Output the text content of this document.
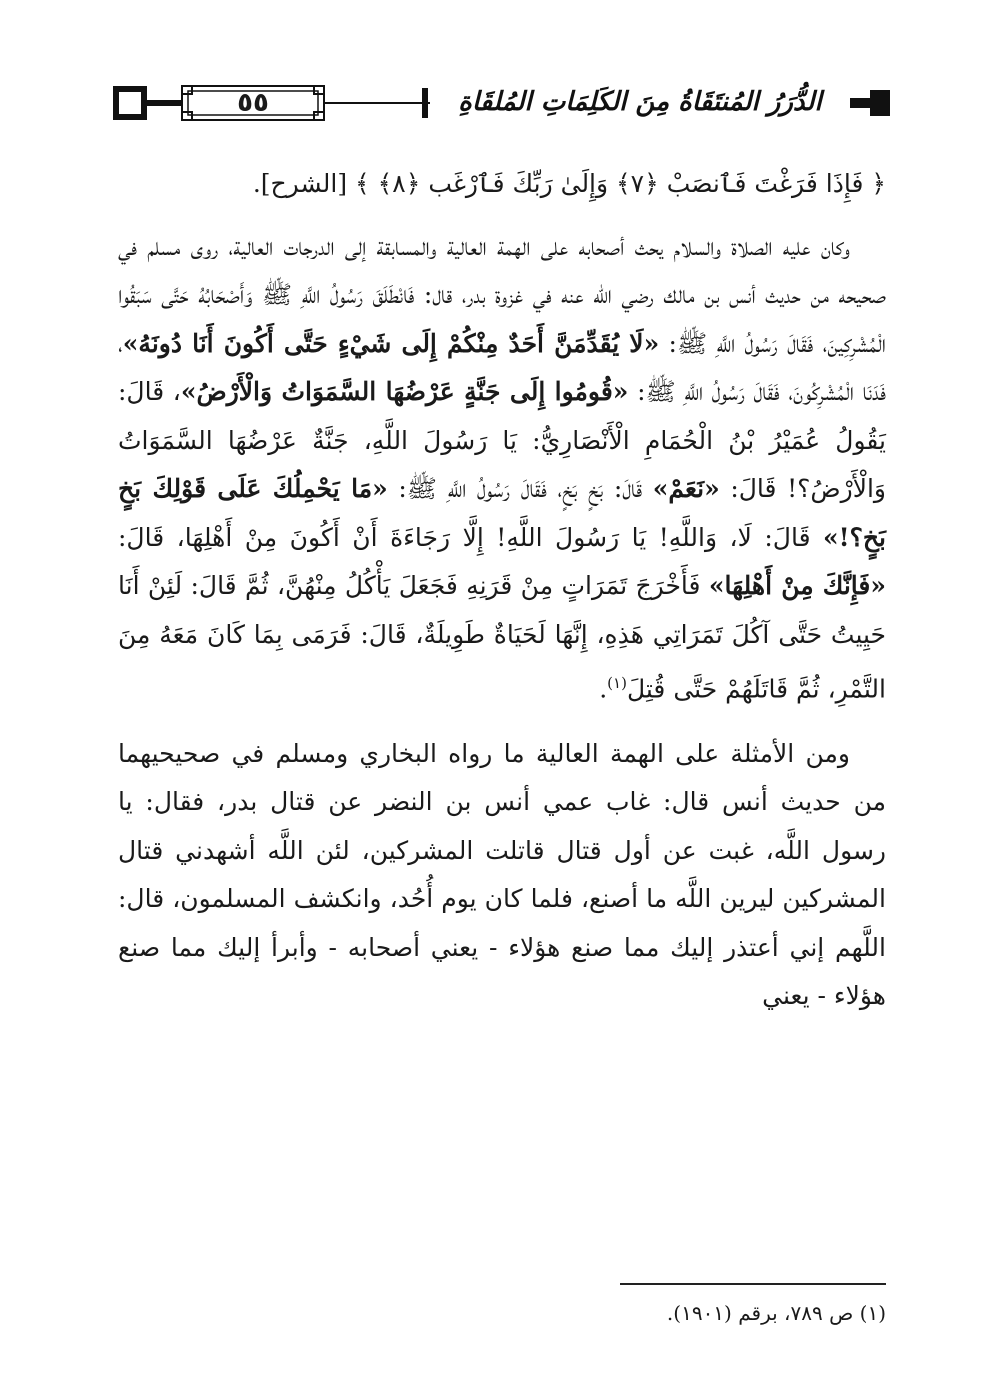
٥٥	الدُّرَرُ المُنتَقَاةُ مِنَ الكَلِمَاتِ المُلقَاةِ

﴿ فَإِذَا فَرَغْتَ فَٱنصَبْ ﴿٧﴾ وَإِلَىٰ رَبِّكَ فَٱرْغَب ﴿٨﴾ ﴾ [الشرح].

وكان عليه الصلاة والسلام يحث أصحابه على الهمة العالية والمسابقة إلى الدرجات العالية، روى مسلم في صحيحه من حديث أنس بن مالك رضي الله عنه في غزوة بدر، قال: فَانْطَلَقَ رَسُولُ اللَّهِ ﷺ وَأَصْحَابُهُ حَتَّى سَبَقُوا الْمُشْرِكِينَ، فَقَالَ رَسُولُ اللَّهِ ﷺ: «لَا يُقَدِّمَنَّ أَحَدٌ مِنْكُمْ إِلَى شَيْءٍ حَتَّى أَكُونَ أَنَا دُونَهُ»، فَدَنَا الْمُشْرِكُونَ، فَقَالَ رَسُولُ اللَّهِ ﷺ: «قُومُوا إِلَى جَنَّةٍ عَرْضُهَا السَّمَوَاتُ وَالْأَرْضُ»، قَالَ: يَقُولُ عُمَيْرُ بْنُ الْحُمَامِ الْأَنْصَارِيُّ: يَا رَسُولَ اللَّهِ، جَنَّةٌ عَرْضُهَا السَّمَوَاتُ وَالْأَرْضُ؟! قَالَ: «نَعَمْ» قَالَ: بَخٍ بَخٍ، فَقَالَ رَسُولُ اللَّهِ ﷺ: «مَا يَحْمِلُكَ عَلَى قَوْلِكَ بَخٍ بَخٍ؟!» قَالَ: لَا، وَاللَّهِ! يَا رَسُولَ اللَّهِ! إِلَّا رَجَاءَةَ أَنْ أَكُونَ مِنْ أَهْلِهَا، قَالَ: «فَإِنَّكَ مِنْ أَهْلِهَا» فَأَخْرَجَ تَمَرَاتٍ مِنْ قَرَنِهِ فَجَعَلَ يَأْكُلُ مِنْهُنَّ، ثُمَّ قَالَ: لَئِنْ أَنَا حَيِيتُ حَتَّى آكُلَ تَمَرَاتِي هَذِهِ، إِنَّهَا لَحَيَاةٌ طَوِيلَةٌ، قَالَ: فَرَمَى بِمَا كَانَ مَعَهُ مِنَ التَّمْرِ، ثُمَّ قَاتَلَهُمْ حَتَّى قُتِلَ$^{(١)}$.

ومن الأمثلة على الهمة العالية ما رواه البخاري ومسلم في صحيحيهما من حديث أنس قال: غاب عمي أنس بن النضر عن قتال بدر، فقال: يا رسول اللَّه، غبت عن أول قتال قاتلت المشركين، لئن اللَّه أشهدني قتال المشركين ليرين اللَّه ما أصنع، فلما كان يوم أُحُد، وانكشف المسلمون، قال: اللَّهم إني أعتذر إليك مما صنع هؤلاء - يعني أصحابه - وأبرأ إليك مما صنع هؤلاء - يعني

(١) ص ٧٨٩، برقم (١٩٠١).
